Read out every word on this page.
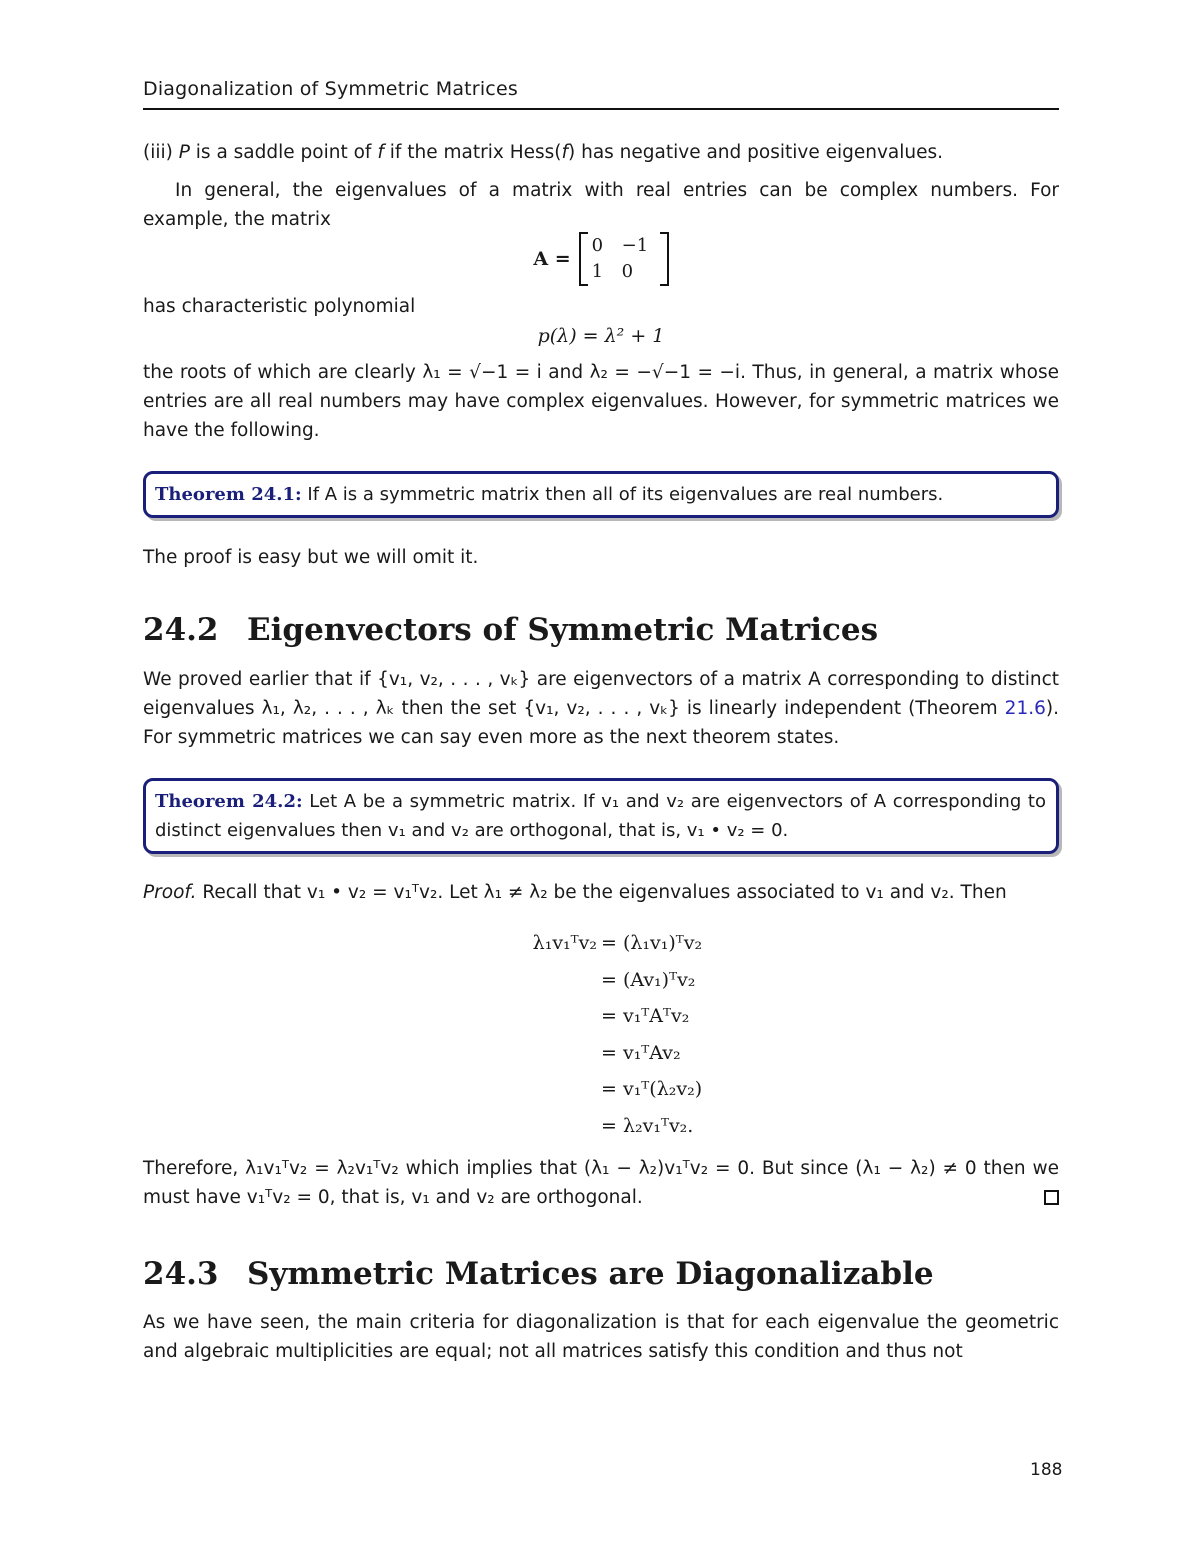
Diagonalization of Symmetric Matrices

(iii) P is a saddle point of f if the matrix Hess(f) has negative and positive eigenvalues.

In general, the eigenvalues of a matrix with real entries can be complex numbers. For example, the matrix

A =
0	−1
1	0

has characteristic polynomial

p(λ) = λ² + 1

the roots of which are clearly λ₁ = √−1 = i and λ₂ = −√−1 = −i. Thus, in general, a matrix whose entries are all real numbers may have complex eigenvalues. However, for symmetric matrices we have the following.

Theorem 24.1: If A is a symmetric matrix then all of its eigenvalues are real numbers.

The proof is easy but we will omit it.

24.2 Eigenvectors of Symmetric Matrices

We proved earlier that if {v₁, v₂, . . . , vₖ} are eigenvectors of a matrix A corresponding to distinct eigenvalues λ₁, λ₂, . . . , λₖ then the set {v₁, v₂, . . . , vₖ} is linearly independent (Theorem 21.6). For symmetric matrices we can say even more as the next theorem states.

Theorem 24.2: Let A be a symmetric matrix. If v₁ and v₂ are eigenvectors of A corresponding to distinct eigenvalues then v₁ and v₂ are orthogonal, that is, v₁ • v₂ = 0.

Proof. Recall that v₁ • v₂ = v₁ᵀv₂. Let λ₁ ≠ λ₂ be the eigenvalues associated to v₁ and v₂. Then

λ₁v₁ᵀv₂ = (λ₁v₁)ᵀv₂
= (Av₁)ᵀv₂
= v₁ᵀAᵀv₂
= v₁ᵀAv₂
= v₁ᵀ(λ₂v₂)
= λ₂v₁ᵀv₂.

Therefore, λ₁v₁ᵀv₂ = λ₂v₁ᵀv₂ which implies that (λ₁ − λ₂)v₁ᵀv₂ = 0. But since (λ₁ − λ₂) ≠ 0 then we must have v₁ᵀv₂ = 0, that is, v₁ and v₂ are orthogonal.

24.3 Symmetric Matrices are Diagonalizable

As we have seen, the main criteria for diagonalization is that for each eigenvalue the geometric and algebraic multiplicities are equal; not all matrices satisfy this condition and thus not

188
